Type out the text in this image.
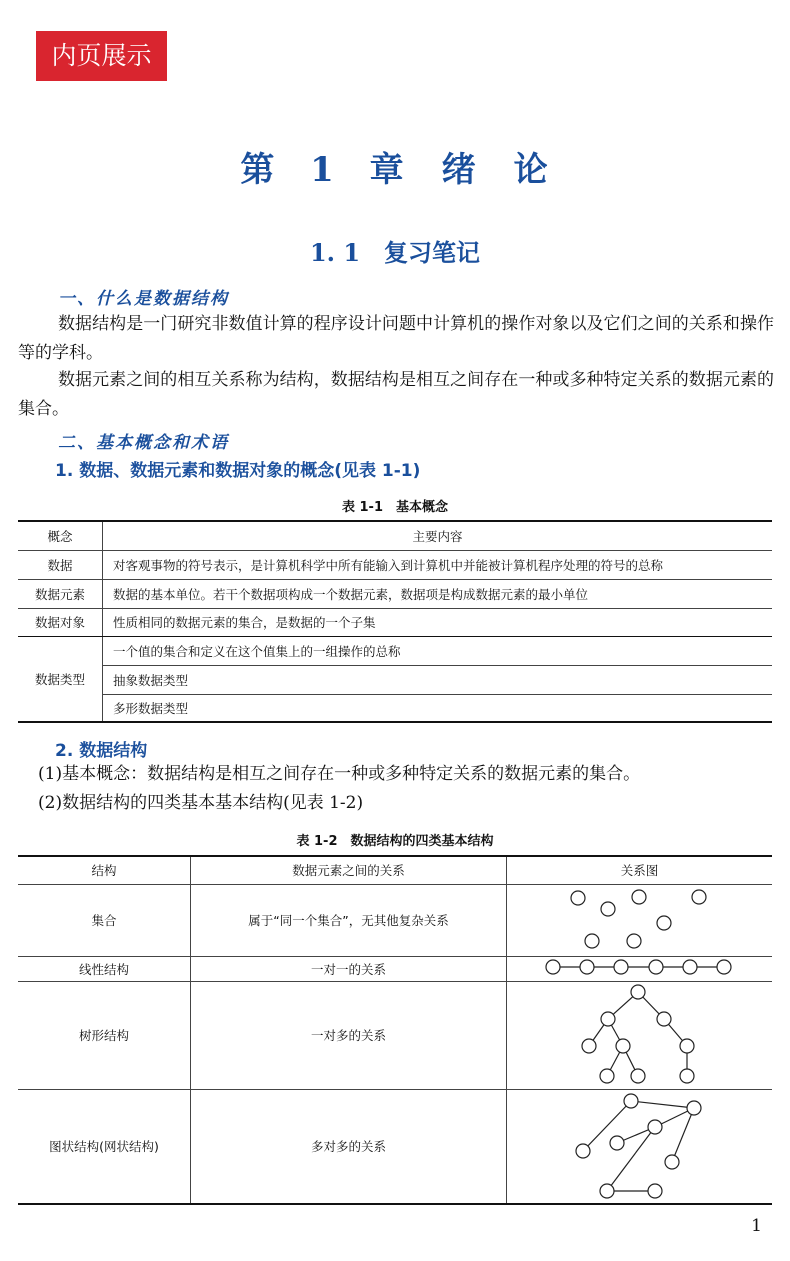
内页展示
第 1 章　绪　论
1. 1　复习笔记
一、什么是数据结构
数据结构是一门研究非数值计算的程序设计问题中计算机的操作对象以及它们之间的关系和操作等的学科。
数据元素之间的相互关系称为结构，数据结构是相互之间存在一种或多种特定关系的数据元素的集合。
二、基本概念和术语
1. 数据、数据元素和数据对象的概念(见表 1-1)
表 1-1　基本概念
概念	主要内容
数据	对客观事物的符号表示，是计算机科学中所有能输入到计算机中并能被计算机程序处理的符号的总称
数据元素	数据的基本单位。若干个数据项构成一个数据元素，数据项是构成数据元素的最小单位
数据对象	性质相同的数据元素的集合，是数据的一个子集
数据类型	一个值的集合和定义在这个值集上的一组操作的总称
	抽象数据类型
	多形数据类型
2. 数据结构
(1)基本概念：数据结构是相互之间存在一种或多种特定关系的数据元素的集合。
(2)数据结构的四类基本基本结构(见表 1-2)
表 1-2　数据结构的四类基本结构
结构	数据元素之间的关系	关系图
集合	属于“同一个集合”，无其他复杂关系	
线性结构	一对一的关系	
树形结构	一对多的关系	
图状结构(网状结构)	多对多的关系	
1
